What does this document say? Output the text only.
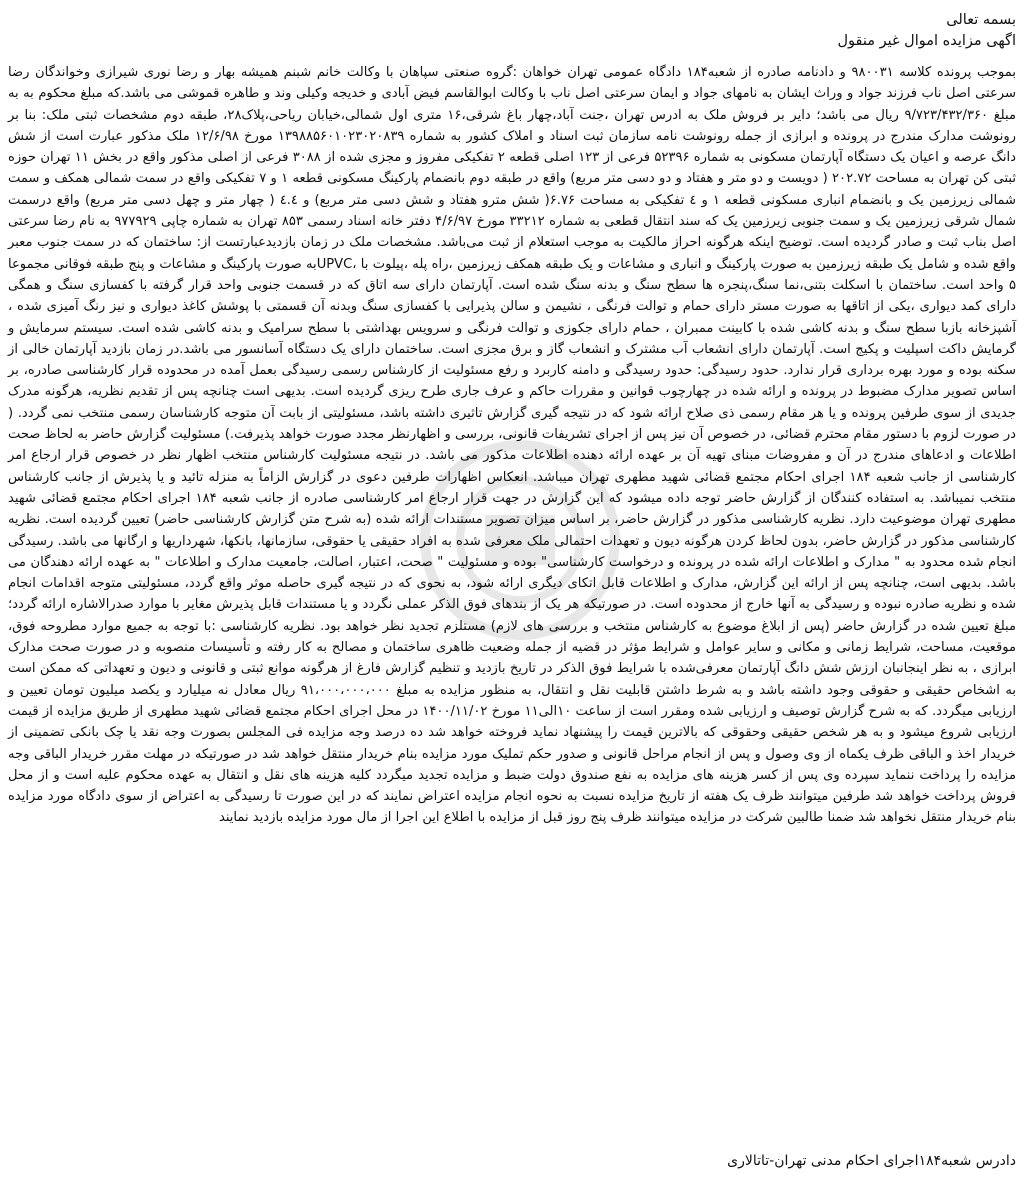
بسمه تعالی

اگهی مزایده اموال غیر منقول

بموجب پرونده کلاسه ۹۸۰۰۳۱ و دادنامه صادره از شعبه۱۸۴ دادگاه عمومی تهران خواهان :گروه صنعتی سپاهان با وکالت خانم شبنم همیشه بهار و رضا نوری شیرازی وخواندگان رضا سرعتی اصل ناب فرزند جواد و وراث ایشان به نامهای جواد و ایمان سرعتی اصل ناب با وکالت ابوالقاسم فیض آبادی و خدیجه وکیلی وند و طاهره قموشی می باشد.که مبلغ محکوم به به مبلغ ۹/۷۲۳/۴۳۲/۳۶۰ ریال می باشد؛ دایر بر فروش ملک به ادرس تهران ،جنت آباد،چهار باغ شرقی،۱۶ متری اول شمالی،خیابان ریاحی،پلاک۲۸، طبقه دوم مشخصات ثبتی ملک: بنا بر رونوشت مدارک مندرج در پرونده و ابرازی از جمله رونوشت نامه سازمان ثبت اسناد و املاک کشور به شماره ۱۳۹۸۸۵۶۰۱۰۲۳۰۲۰۸۳۹ مورخ ۱۲/۶/۹۸ ملک مذکور عبارت است از شش دانگ عرصه و اعیان یک دستگاه آپارتمان مسکونی به شماره ۵۲۳۹۶ فرعی از ۱۲۳ اصلی قطعه ۲ تفکیکی مفروز و مجزی شده از ۳۰۸۸ فرعی از اصلی مذکور واقع در بخش ۱۱ تهران حوزه ثبتی کن تهران به مساحت ۲۰۲.۷۲ ( دویست و دو متر و هفتاد و دو دسی متر مربع) واقع در طبقه دوم بانضمام پارکینگ مسکونی قطعه ۱ و ۷ تفکیکی واقع در سمت شمالی همکف و سمت شمالی زیرزمین یک و بانضمام انباری مسکونی قطعه ۱ و ٤ تفکیکی به مساحت ۶.۷۶( شش مترو هفتاد و شش دسی متر مربع) و ٤.٤ ( چهار متر و چهل دسی متر مربع) واقع درسمت شمال شرقی زیرزمین یک و سمت جنوبی زیرزمین یک که سند انتقال قطعی به شماره ۳۳۲۱۲ مورخ ۴/۶/۹۷ دفتر خانه اسناد رسمی ۸۵۳ تهران به شماره چاپی ۹۷۷۹۲۹ به نام رضا سرعتی اصل بناب ثبت و صادر گردیده است. توضیح اینکه هرگونه احراز مالکیت به موجب استعلام از ثبت می‌باشد. مشخصات ملک در زمان بازدیدعبارتست از: ساختمان که در سمت جنوب معبر واقع شده و شامل یک طبقه زیرزمین به صورت پارکینگ و انباری و مشاعات و یک طبقه همکف زیرزمین ،راه پله ،پیلوت با ،UPVCبه صورت پارکینگ و مشاعات و پنج طبقه فوقانی مجموعا ۵ واحد است. ساختمان با اسکلت بتنی،نما سنگ،پنجره ها سطح سنگ و بدنه سنگ شده است. آپارتمان دارای سه اتاق که در قسمت جنوبی واحد قرار گرفته با کفسازی سنگ و همگی دارای کمد دیواری ،یکی از اتاقها به صورت مستر دارای حمام و توالت فرنگی ، نشیمن و سالن پذیرایی با کفسازی سنگ وبدنه آن قسمتی با پوشش کاغذ دیواری و نیز رنگ آمیزی شده ، آشپزخانه بازبا سطح سنگ و بدنه کاشی شده با کابینت ممبران ، حمام دارای جکوزی و توالت فرنگی و سرویس بهداشتی با سطح سرامیک و بدنه کاشی شده است. سیستم سرمایش و گرمایش داکت اسپلیت و پکیج است. آپارتمان دارای انشعاب آب مشترک و انشعاب گاز و برق مجزی است. ساختمان دارای یک دستگاه آسانسور می باشد.در زمان بازدید آپارتمان خالی از سکنه بوده و مورد بهره برداری قرار ندارد. حدود رسیدگی: حدود رسیدگی و دامنه کاربرد و رفع مسئولیت از کارشناس رسمی رسیدگی بعمل آمده در محدوده قرار کارشناسی صادره، بر اساس تصویر مدارک مضبوط در پرونده و ارائه شده در چهارچوب قوانین و مقررات حاکم و عرف جاری طرح ریزی گردیده است. بدیهی است چنانچه پس از تقدیم نظریه، هرگونه مدرک جدیدی از سوی طرفین پرونده و یا هر مقام رسمی ذی صلاح ارائه شود که در نتیجه گیری گزارش تاثیری داشته باشد، مسئولیتی از بابت آن متوجه کارشناسان رسمی منتخب نمی گردد. ( در صورت لزوم با دستور مقام محترم قضائی، در خصوص آن نیز پس از اجرای تشریفات قانونی، بررسی و اظهارنظر مجدد صورت خواهد پذیرفت.) مسئولیت گزارش حاضر به لحاظ صحت اطلاعات و ادعاهای مندرج در آن و مفروضات مبنای تهیه آن بر عهده ارائه دهنده اطلاعات مذکور می باشد. در نتیجه مسئولیت کارشناس منتخب اظهار نظر در خصوص قرار ارجاع امر کارشناسی از جانب شعبه ۱۸۴ اجرای احکام مجتمع قضائی شهید مطهری تهران میباشد. انعکاس اظهارات طرفین دعوی در گزارش الزاماً به منزله تائید و یا پذیرش از جانب کارشناس منتخب نمیباشد. به استفاده کنندگان از گزارش حاضر توجه داده میشود که این گزارش در جهت قرار ارجاع امر کارشناسی صادره از جانب شعبه ۱۸۴ اجرای احکام مجتمع قضائی شهید مطهری تهران موضوعیت دارد. نظریه کارشناسی مذکور در گزارش حاضر، بر اساس میزان تصویر مستندات ارائه شده (به شرح متن گزارش کارشناسی حاضر) تعیین گردیده است. نظریه کارشناسی مذکور در گزارش حاضر، بدون لحاظ کردن هرگونه دیون و تعهدات احتمالی ملک معرفی شده به افراد حقیقی یا حقوقی، سازمانها، بانکها، شهرداریها و ارگانها می باشد. رسیدگی انجام شده محدود به " مدارک و اطلاعات ارائه شده در پرونده و درخواست کارشناسی" بوده و مسئولیت " صحت، اعتبار، اصالت، جامعیت مدارک و اطلاعات " به عهده ارائه دهندگان می باشد. بدیهی است، چنانچه پس از ارائه این گزارش، مدارک و اطلاعات قابل اتکای دیگری ارائه شود، به نحوی که در نتیجه گیری حاصله موثر واقع گردد، مسئولیتی متوجه اقدامات انجام شده و نظریه صادره نبوده و رسیدگی به آنها خارج از محدوده است. در صورتیکه هر یک از بندهای فوق الذکر عملی نگردد و یا مستندات قابل پذیرش مغایر با موارد صدرالاشاره ارائه گردد؛ مبلغ تعیین شده در گزارش حاضر (پس از ابلاغ موضوع به کارشناس منتخب و بررسی های لازم) مستلزم تجدید نظر خواهد بود. نظریه کارشناسی :با توجه به جمیع موارد مطروحه فوق، موقعیت، مساحت، شرایط زمانی و مکانی و سایر عوامل و شرایط مؤثر در قضیه از جمله وضعیت ظاهری ساختمان و مصالح به کار رفته و تأسیسات منصوبه و در صورت صحت مدارک ابرازی ، به نظر اینجانبان ارزش شش دانگ آپارتمان معرفی‌شده با شرایط فوق الذکر در تاریخ بازدید و تنظیم گزارش فارغ از هرگونه موانع ثبتی و قانونی و دیون و تعهداتی که ممکن است به اشخاص حقیقی و حقوقی وجود داشته باشد و به شرط داشتن قابلیت نقل و انتقال، به منظور مزایده به مبلغ ۹۱،۰۰۰،۰۰۰،۰۰۰ ریال معادل نه میلیارد و یکصد میلیون تومان تعیین و ارزیابی میگردد. که به شرح گزارش توصیف و ارزیابی شده ومقرر است از ساعت ۱۰الی۱۱ مورخ ۱۴۰۰/۱۱/۰۲ در محل اجرای احکام مجتمع قضائی شهید مطهری از طریق مزایده از قیمت ارزیابی شروع میشود و به هر شخص حقیقی وحقوقی که بالاترین قیمت را پیشنهاد نماید فروخته خواهد شد ده درصد وجه مزایده فی المجلس بصورت وجه نقد یا چک بانکی تضمینی از خریدار اخذ و الباقی ظرف یکماه از وی وصول و پس از انجام مراحل قانونی و صدور حکم تملیک مورد مزایده بنام خریدار منتقل خواهد شد در صورتیکه در مهلت مقرر خریدار الباقی وجه مزایده را پرداخت ننماید سپرده وی پس از کسر هزینه های مزایده به نفع صندوق دولت ضبط و مزایده تجدید میگردد کلیه هزینه های نقل و انتقال به عهده محکوم علیه است و از محل فروش پرداخت خواهد شد طرفین میتوانند ظرف یک هفته از تاریخ مزایده نسبت به نحوه انجام مزایده اعتراض نمایند که در این صورت تا رسیدگی به اعتراض از سوی دادگاه مورد مزایده بنام خریدار منتقل نخواهد شد ضمنا طالبین شرکت در مزایده میتوانند ظرف پنج روز قبل از مزایده با اطلاع این اجرا از مال مورد مزایده بازدید نمایند

دادرس شعبه۱۸۴اجرای احکام مدنی تهران-تاتالاری
